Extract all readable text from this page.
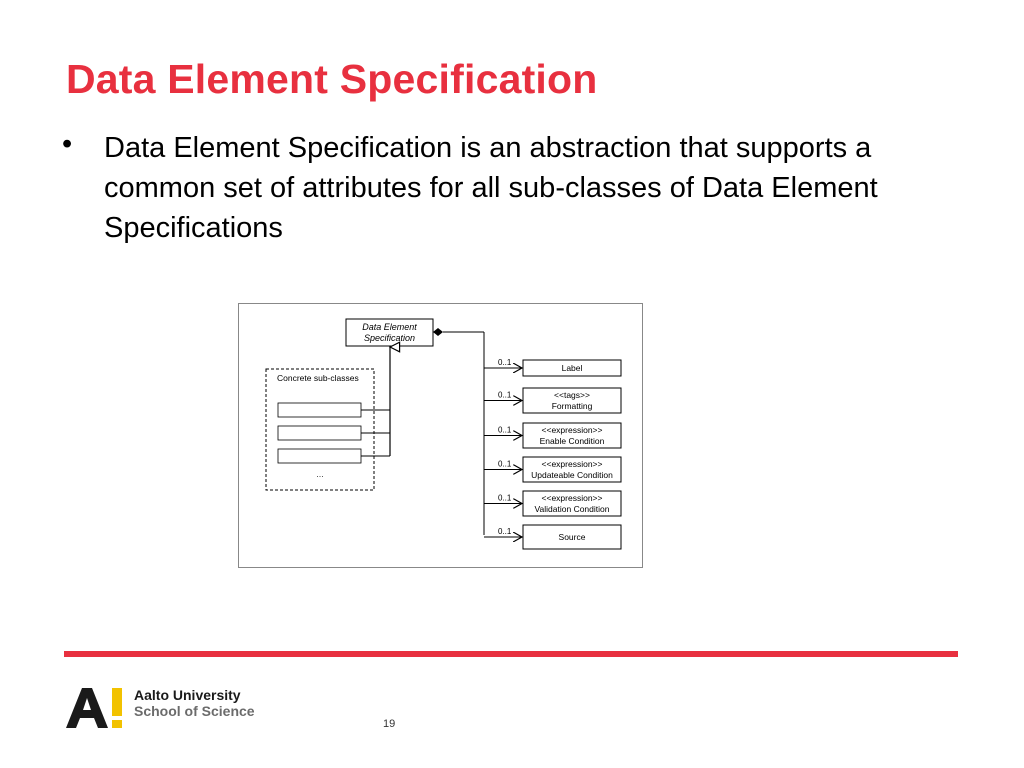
Data Element Specification
• Data Element Specification is an abstraction that supports a common set of attributes for all sub-classes of Data Element Specifications
Data Element
Specification
Concrete sub-classes
…
0..1
Label
0..1	<<tags>>
Formatting
0..1	<<expression>>
Enable Condition
0..1	<<expression>>
Updateable Condition
0..1	<<expression>>
Validation Condition
0..1
Source
Aalto University
School of Science
19
